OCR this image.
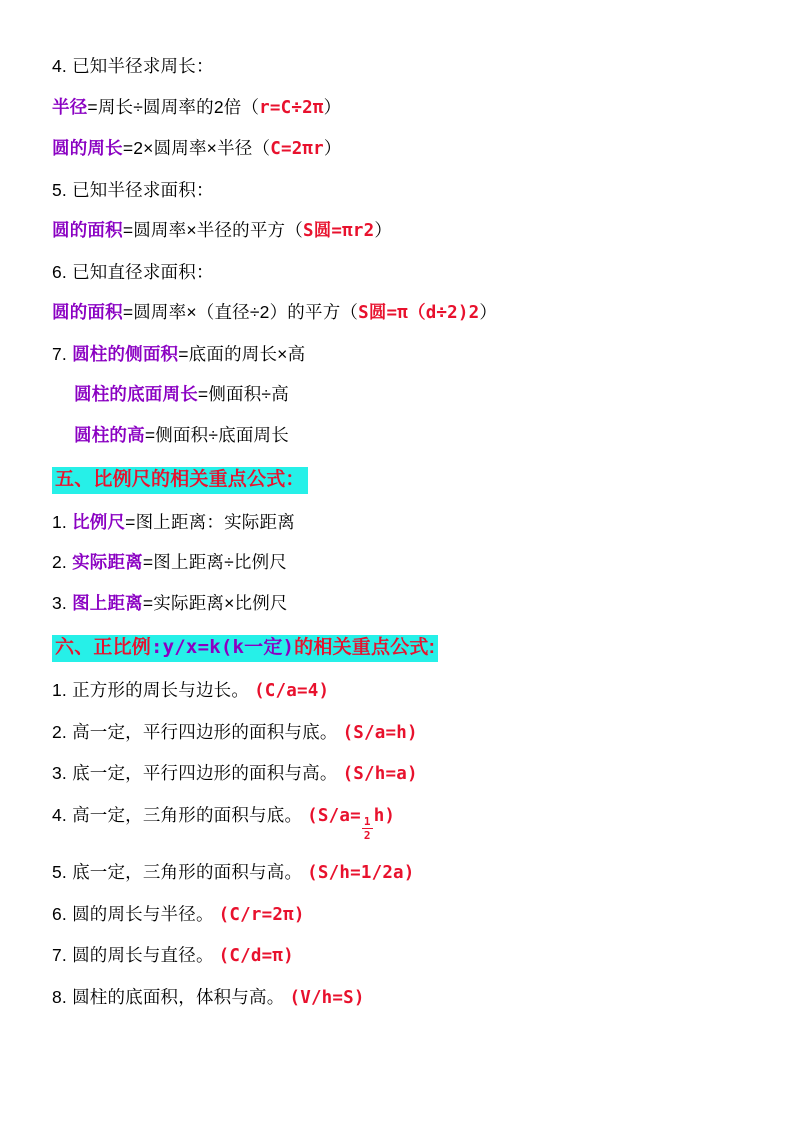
4. 已知半径求周长：

半径=周长÷圆周率的2倍（r=C÷2π）

圆的周长=2×圆周率×半径（C=2πr）

5. 已知半径求面积：

圆的面积=圆周率×半径的平方（S圆=πr2）

6. 已知直径求面积：

圆的面积=圆周率×（直径÷2）的平方（S圆=π（d÷2)2）

7. 圆柱的侧面积=底面的周长×高

圆柱的底面周长=侧面积÷高

圆柱的高=侧面积÷底面周长

五、比例尺的相关重点公式：

1. 比例尺=图上距离：实际距离

2. 实际距离=图上距离÷比例尺

3. 图上距离=实际距离×比例尺

六、正比例:y/x=k(k一定)的相关重点公式:

1. 正方形的周长与边长。 (C/a=4)

2. 高一定，平行四边形的面积与底。 (S/a=h)

3. 底一定，平行四边形的面积与高。 (S/h=a)

4. 高一定，三角形的面积与底。 (S/a=
$\frac{1}{2}$
h)

5. 底一定，三角形的面积与高。 (S/h=1/2a)

6. 圆的周长与半径。 (C/r=2π)

7. 圆的周长与直径。 (C/d=π)

8. 圆柱的底面积，体积与高。 (V/h=S)
